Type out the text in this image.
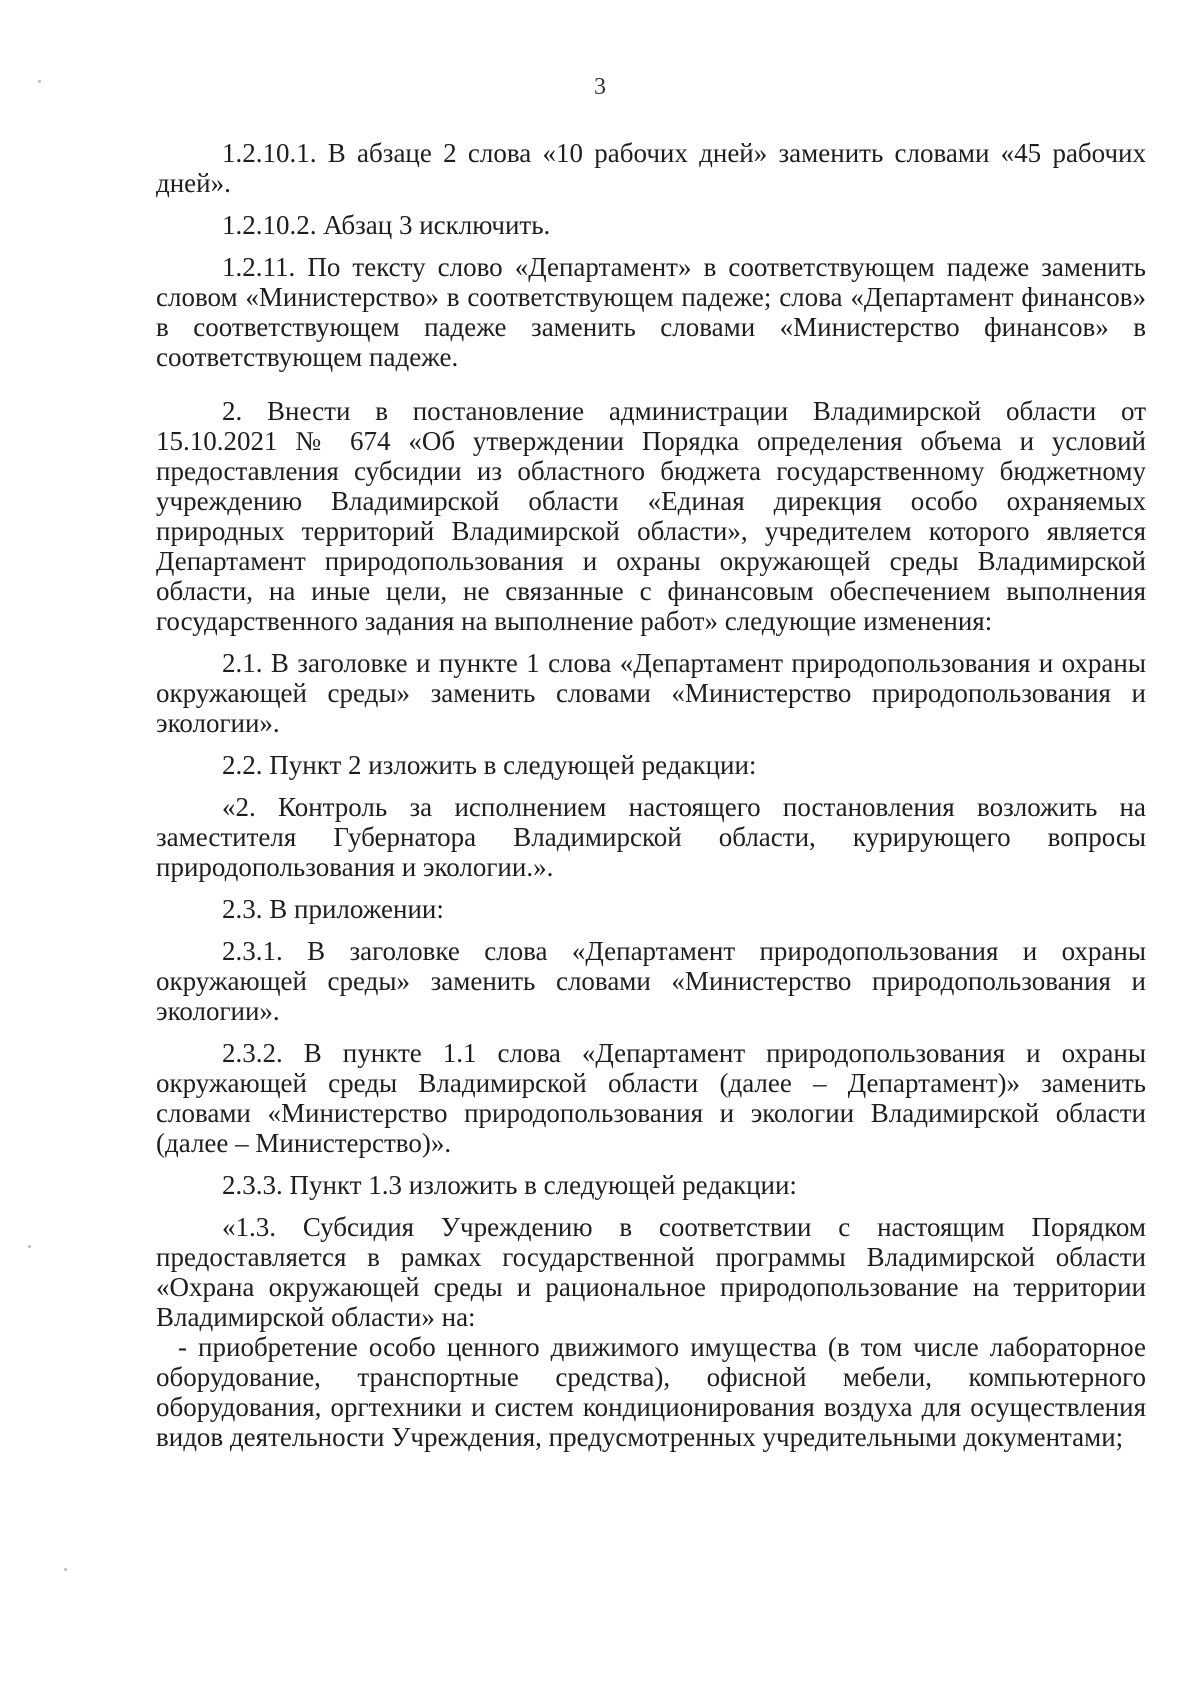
3

1.2.10.1. В абзаце 2 слова «10 рабочих дней» заменить словами «45 рабочих дней».

1.2.10.2. Абзац 3 исключить.

1.2.11. По тексту слово «Департамент» в соответствующем падеже заменить словом «Министерство» в соответствующем падеже; слова «Департамент финансов» в соответствующем падеже заменить словами «Министерство финансов» в соответствующем падеже.

2. Внести в постановление администрации Владимирской области от 15.10.2021 № 674 «Об утверждении Порядка определения объема и условий предоставления субсидии из областного бюджета государственному бюджетному учреждению Владимирской области «Единая дирекция особо охраняемых природных территорий Владимирской области», учредителем которого является Департамент природопользования и охраны окружающей среды Владимирской области, на иные цели, не связанные с финансовым обеспечением выполнения государственного задания на выполнение работ» следующие изменения:

2.1. В заголовке и пункте 1 слова «Департамент природопользования и охраны окружающей среды» заменить словами «Министерство природопользования и экологии».

2.2. Пункт 2 изложить в следующей редакции:

«2. Контроль за исполнением настоящего постановления возложить на заместителя Губернатора Владимирской области, курирующего вопросы природопользования и экологии.».

2.3. В приложении:

2.3.1. В заголовке слова «Департамент природопользования и охраны окружающей среды» заменить словами «Министерство природопользования и экологии».

2.3.2. В пункте 1.1 слова «Департамент природопользования и охраны окружающей среды Владимирской области (далее – Департамент)» заменить словами «Министерство природопользования и экологии Владимирской области (далее – Министерство)».

2.3.3. Пункт 1.3 изложить в следующей редакции:

«1.3. Субсидия Учреждению в соответствии с настоящим Порядком предоставляется в рамках государственной программы Владимирской области «Охрана окружающей среды и рациональное природопользование на территории Владимирской области» на:

- приобретение особо ценного движимого имущества (в том числе лабораторное оборудование, транспортные средства), офисной мебели, компьютерного оборудования, оргтехники и систем кондиционирования воздуха для осуществления видов деятельности Учреждения, предусмотренных учредительными документами;
